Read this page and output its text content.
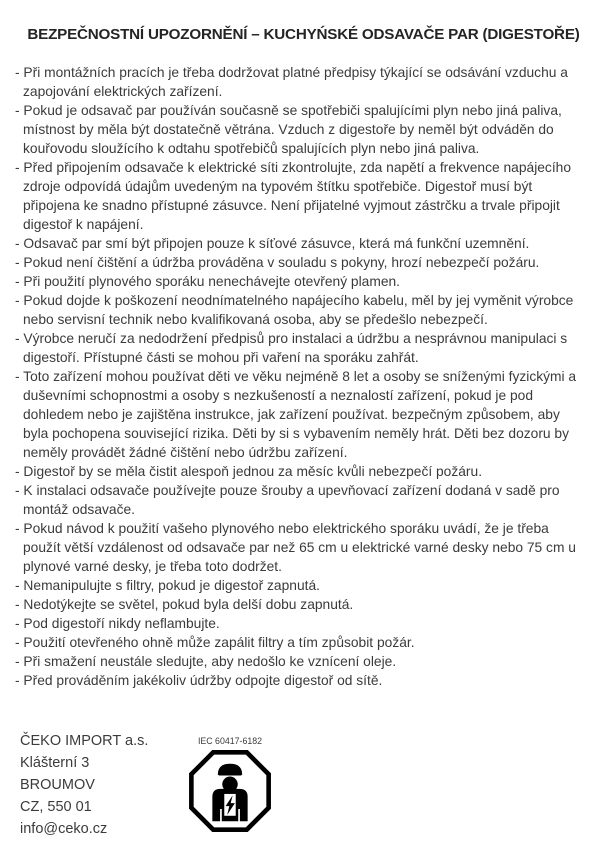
BEZPEČNOSTNÍ UPOZORNĚNÍ – KUCHYŃSKÉ ODSAVAČE PAR (DIGESTOŘE)

- Při montážních pracích je třeba dodržovat platné předpisy týkající se odsávání vzduchu a zapojování elektrických zařízení.

- Pokud je odsavač par používán současně se spotřebiči spalujícími plyn nebo jiná paliva, místnost by měla být dostatečně větrána. Vzduch z digestoře by neměl být odváděn do kouřovodu sloužícího k odtahu spotřebičů spalujících plyn nebo jiná paliva.

- Před připojením odsavače k elektrické síti zkontrolujte, zda napětí a frekvence napájecího zdroje odpovídá údajům uvedeným na typovém štítku spotřebiče. Digestoř musí být připojena ke snadno přístupné zásuvce. Není přijatelné vyjmout zástrčku a trvale připojit digestoř k napájení.

- Odsavač par smí být připojen pouze k síťové zásuvce, která má funkční uzemnění.

- Pokud není čištění a údržba prováděna v souladu s pokyny, hrozí nebezpečí požáru.

- Při použití plynového sporáku nenechávejte otevřený plamen.

- Pokud dojde k poškození neodnímatelného napájecího kabelu, měl by jej vyměnit výrobce nebo servisní technik nebo kvalifikovaná osoba, aby se předešlo nebezpečí.

- Výrobce neručí za nedodržení předpisů pro instalaci a údržbu a nesprávnou manipulaci s digestoří. Přístupné části se mohou při vaření na sporáku zahřát.

- Toto zařízení mohou používat děti ve věku nejméně 8 let a osoby se sníženými fyzickými a duševními schopnostmi a osoby s nezkušeností a neznalostí zařízení, pokud je pod dohledem nebo je zajištěna instrukce, jak zařízení používat. bezpečným způsobem, aby byla pochopena související rizika. Děti by si s vybavením neměly hrát. Děti bez dozoru by neměly provádět žádné čištění nebo údržbu zařízení.

- Digestoř by se měla čistit alespoň jednou za měsíc kvůli nebezpečí požáru.

- K instalaci odsavače používejte pouze šrouby a upevňovací zařízení dodaná v sadě pro montáž odsavače.

- Pokud návod k použití vašeho plynového nebo elektrického sporáku uvádí, že je třeba použít větší vzdálenost od odsavače par než 65 cm u elektrické varné desky nebo 75 cm u plynové varné desky, je třeba toto dodržet.

- Nemanipulujte s filtry, pokud je digestoř zapnutá.

- Nedotýkejte se světel, pokud byla delší dobu zapnutá.

- Pod digestoří nikdy neflambujte.

- Použití otevřeného ohně může zapálit filtry a tím způsobit požár.

- Při smažení neustále sledujte, aby nedošlo ke vznícení oleje.

- Před prováděním jakékoliv údržby odpojte digestoř od sítě.

ČEKO IMPORT a.s.
Klášterní 3
BROUMOV
CZ, 550 01
info@ceko.cz
IEC 60417-6182
